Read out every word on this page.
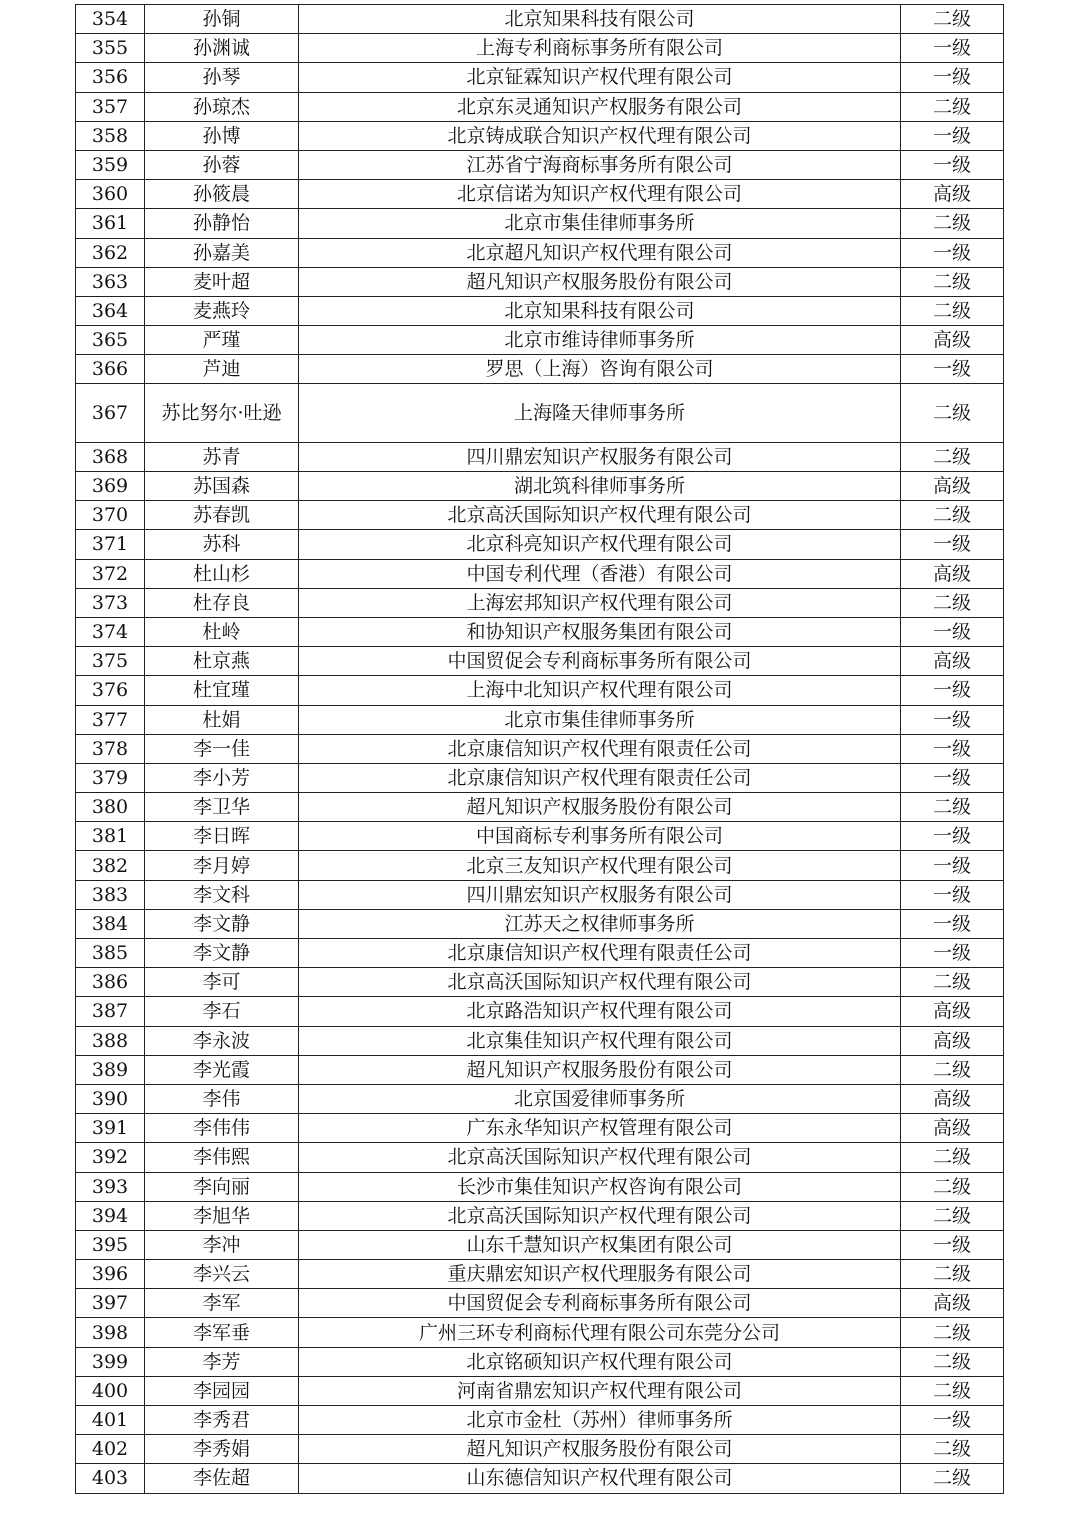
354	孙铜	北京知果科技有限公司	二级
355	孙渊诚	上海专利商标事务所有限公司	一级
356	孙琴	北京钲霖知识产权代理有限公司	一级
357	孙琼杰	北京东灵通知识产权服务有限公司	二级
358	孙博	北京铸成联合知识产权代理有限公司	一级
359	孙蓉	江苏省宁海商标事务所有限公司	一级
360	孙筱晨	北京信诺为知识产权代理有限公司	高级
361	孙静怡	北京市集佳律师事务所	二级
362	孙嘉美	北京超凡知识产权代理有限公司	一级
363	麦叶超	超凡知识产权服务股份有限公司	二级
364	麦燕玲	北京知果科技有限公司	二级
365	严瑾	北京市维诗律师事务所	高级
366	芦迪	罗思（上海）咨询有限公司	一级
367	苏比努尔·吐逊	上海隆天律师事务所	二级
368	苏青	四川鼎宏知识产权服务有限公司	二级
369	苏国森	湖北筑科律师事务所	高级
370	苏春凯	北京高沃国际知识产权代理有限公司	二级
371	苏科	北京科亮知识产权代理有限公司	一级
372	杜山杉	中国专利代理（香港）有限公司	高级
373	杜存良	上海宏邦知识产权代理有限公司	二级
374	杜岭	和协知识产权服务集团有限公司	一级
375	杜京燕	中国贸促会专利商标事务所有限公司	高级
376	杜宜瑾	上海中北知识产权代理有限公司	一级
377	杜娟	北京市集佳律师事务所	一级
378	李一佳	北京康信知识产权代理有限责任公司	一级
379	李小芳	北京康信知识产权代理有限责任公司	一级
380	李卫华	超凡知识产权服务股份有限公司	二级
381	李日晖	中国商标专利事务所有限公司	一级
382	李月婷	北京三友知识产权代理有限公司	一级
383	李文科	四川鼎宏知识产权服务有限公司	一级
384	李文静	江苏天之权律师事务所	一级
385	李文静	北京康信知识产权代理有限责任公司	一级
386	李可	北京高沃国际知识产权代理有限公司	二级
387	李石	北京路浩知识产权代理有限公司	高级
388	李永波	北京集佳知识产权代理有限公司	高级
389	李光霞	超凡知识产权服务股份有限公司	二级
390	李伟	北京国爱律师事务所	高级
391	李伟伟	广东永华知识产权管理有限公司	高级
392	李伟熙	北京高沃国际知识产权代理有限公司	二级
393	李向丽	长沙市集佳知识产权咨询有限公司	二级
394	李旭华	北京高沃国际知识产权代理有限公司	二级
395	李冲	山东千慧知识产权集团有限公司	一级
396	李兴云	重庆鼎宏知识产权代理服务有限公司	二级
397	李军	中国贸促会专利商标事务所有限公司	高级
398	李军垂	广州三环专利商标代理有限公司东莞分公司	二级
399	李芳	北京铭硕知识产权代理有限公司	二级
400	李园园	河南省鼎宏知识产权代理有限公司	二级
401	李秀君	北京市金杜（苏州）律师事务所	一级
402	李秀娟	超凡知识产权服务股份有限公司	二级
403	李佐超	山东德信知识产权代理有限公司	二级
